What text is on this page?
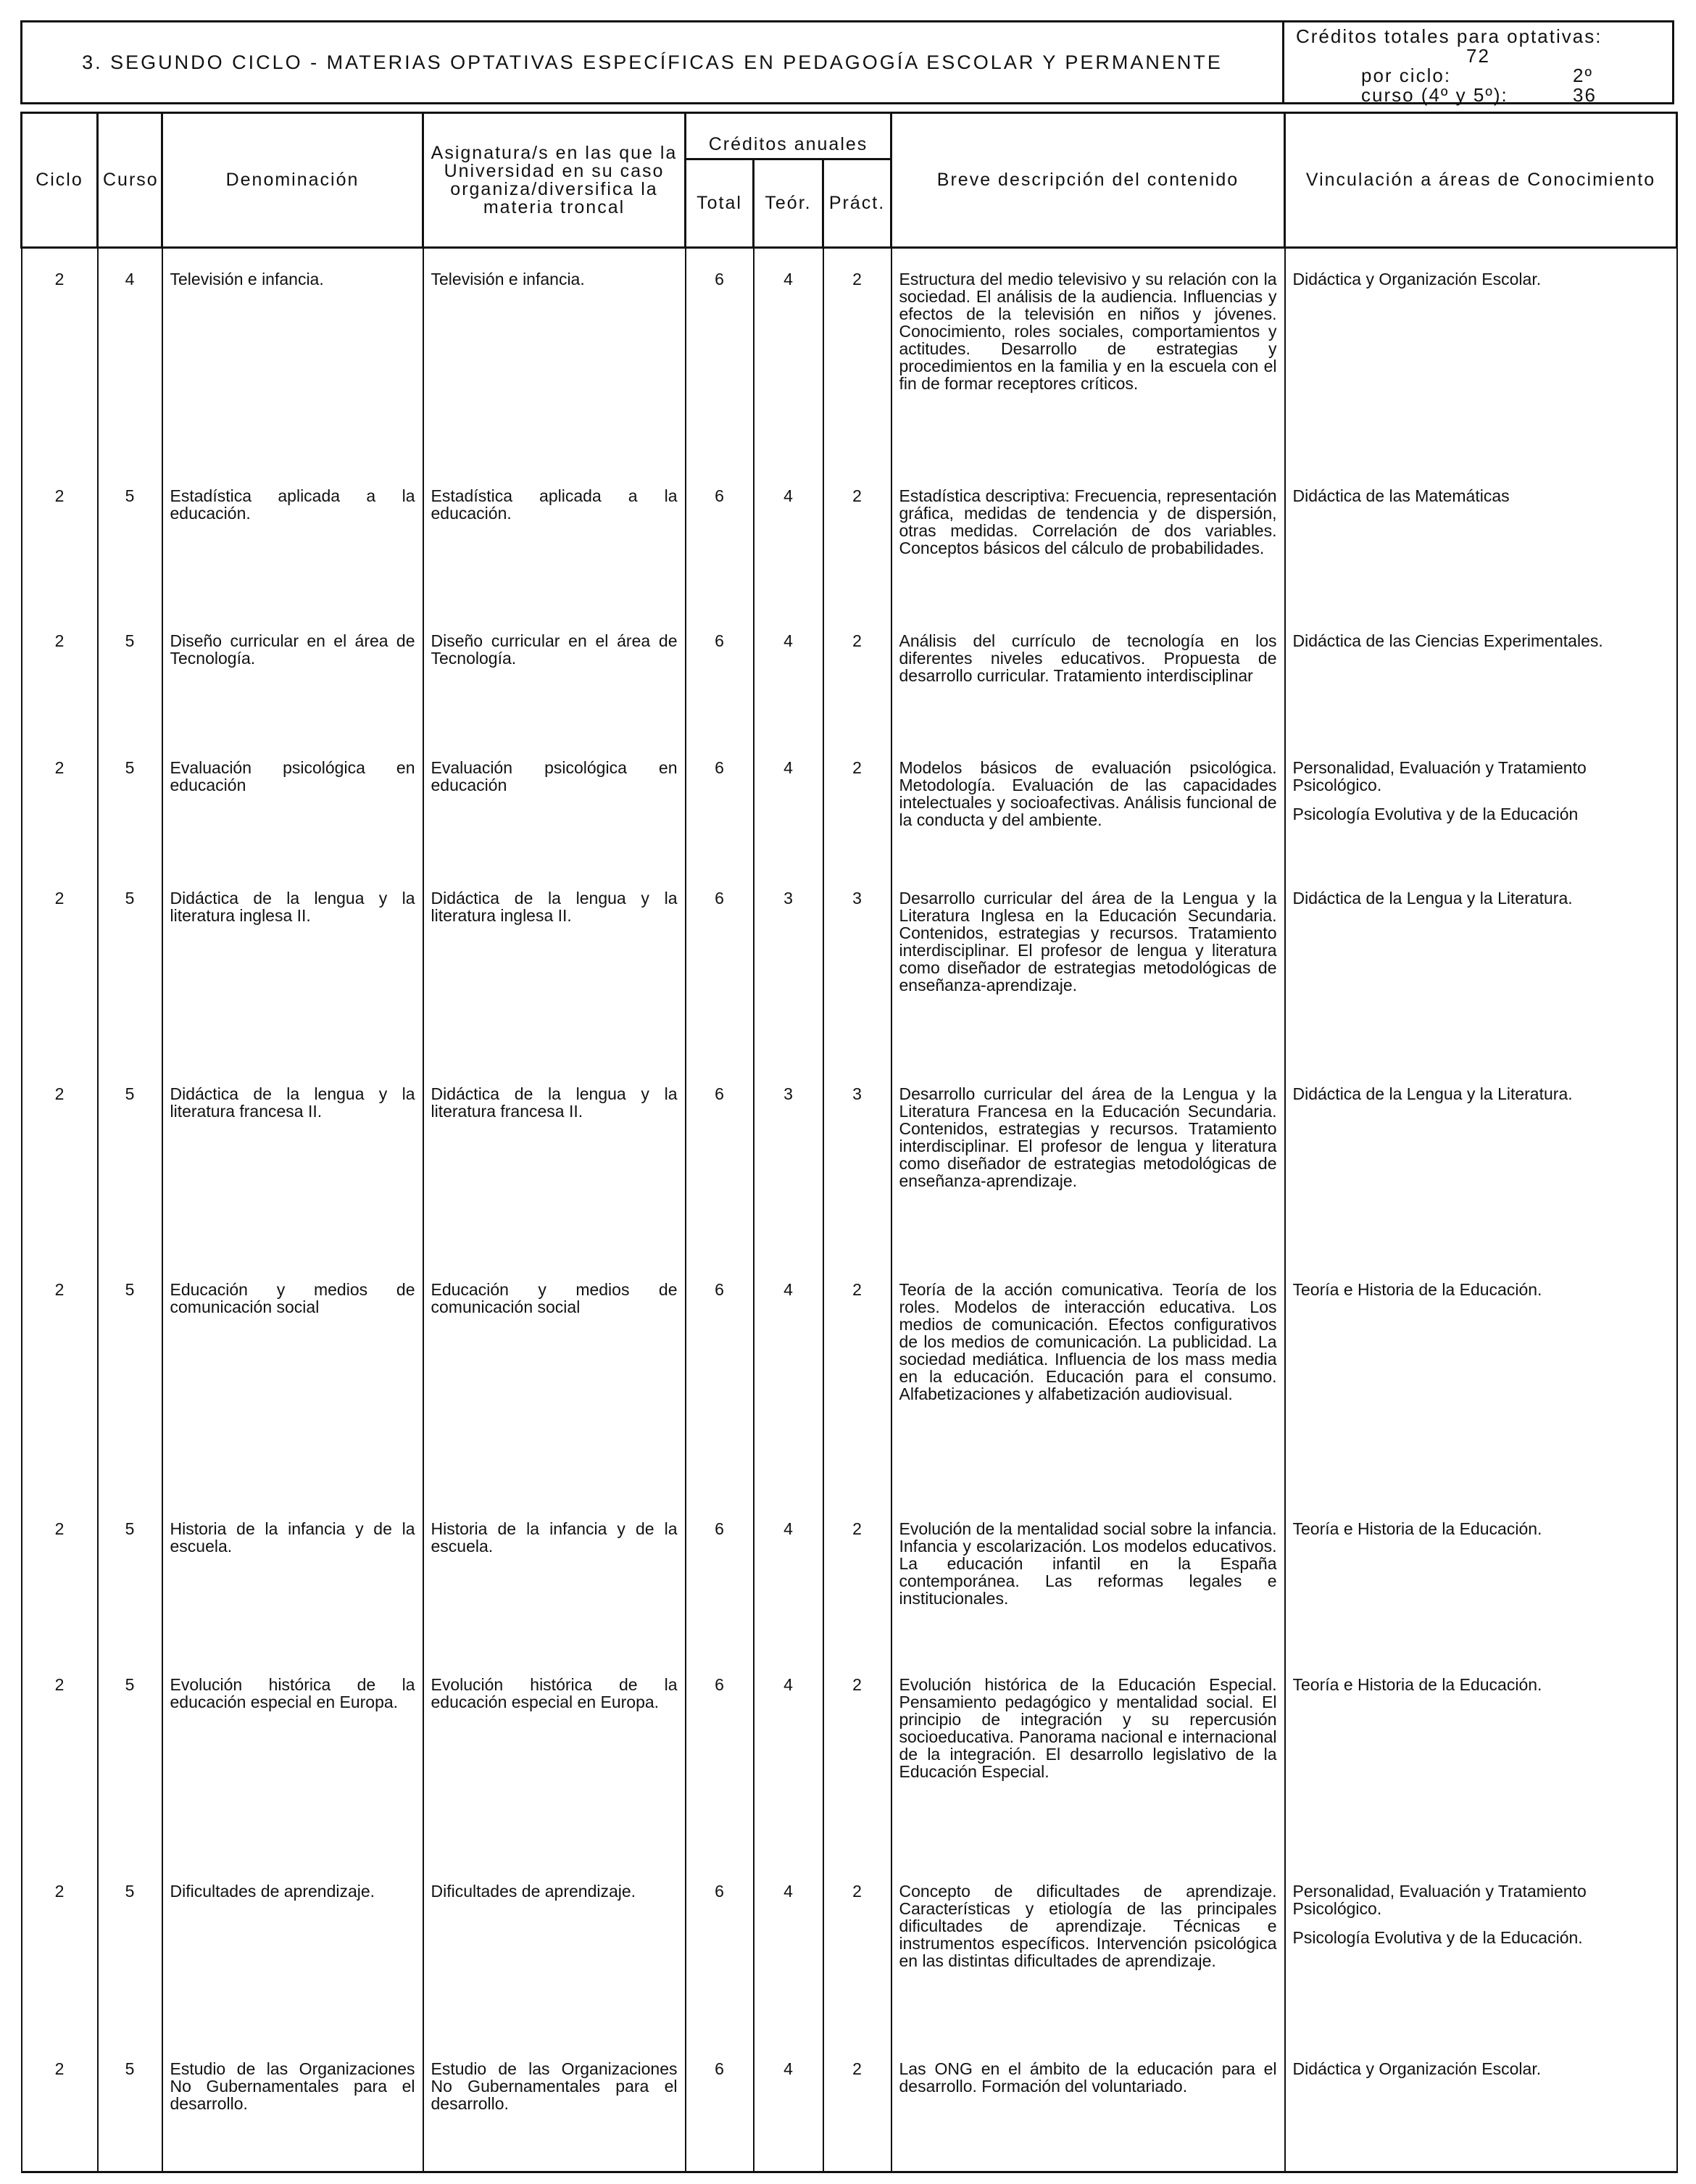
3. SEGUNDO CICLO - MATERIAS OPTATIVAS ESPECÍFICAS EN PEDAGOGÍA ESCOLAR Y PERMANENTE
Créditos totales para optativas:
72
por ciclo:	2º
curso (4º y 5º):	36
Ciclo	Curso	Denominación	Asignatura/s en las que la Universidad en su caso organiza/diversifica la materia troncal	Créditos anuales			Breve descripción del contenido	Vinculación a áreas de Conocimiento
				Total	Teór.	Práct.		
2	4	Televisión e infancia.	Televisión e infancia.	6	4	2	Estructura del medio televisivo y su relación con la sociedad. El análisis de la audiencia. Influencias y efectos de la televisión en niños y jóvenes. Conocimiento, roles sociales, comportamientos y actitudes. Desarrollo de estrategias y procedimientos en la familia y en la escuela con el fin de formar receptores críticos.	Didáctica y Organización Escolar.

2	5	Estadística aplicada a la educación.	Estadística aplicada a la educación.	6	4	2	Estadística descriptiva: Frecuencia, representación gráfica, medidas de tendencia y de dispersión, otras medidas. Correlación de dos variables. Conceptos básicos del cálculo de probabilidades.	Didáctica de las Matemáticas

2	5	Diseño curricular en el área de Tecnología.	Diseño curricular en el área de Tecnología.	6	4	2	Análisis del currículo de tecnología en los diferentes niveles educativos. Propuesta de desarrollo curricular. Tratamiento interdisciplinar	Didáctica de las Ciencias Experimentales.

2	5	Evaluación psicológica en educación	Evaluación psicológica en educación	6	4	2	Modelos básicos de evaluación psicológica. Metodología. Evaluación de las capacidades intelectuales y socioafectivas. Análisis funcional de la conducta y del ambiente.	Personalidad, Evaluación y Tratamiento Psicológico.
Psicología Evolutiva y de la Educación

2	5	Didáctica de la lengua y la literatura inglesa II.	Didáctica de la lengua y la literatura inglesa II.	6	3	3	Desarrollo curricular del área de la Lengua y la Literatura Inglesa en la Educación Secundaria. Contenidos, estrategias y recursos. Tratamiento interdisciplinar. El profesor de lengua y literatura como diseñador de estrategias metodológicas de enseñanza-aprendizaje.	Didáctica de la Lengua y la Literatura.

2	5	Didáctica de la lengua y la literatura francesa II.	Didáctica de la lengua y la literatura francesa II.	6	3	3	Desarrollo curricular del área de la Lengua y la Literatura Francesa en la Educación Secundaria. Contenidos, estrategias y recursos. Tratamiento interdisciplinar. El profesor de lengua y literatura como diseñador de estrategias metodológicas de enseñanza-aprendizaje.	Didáctica de la Lengua y la Literatura.

2	5	Educación y medios de comunicación social	Educación y medios de comunicación social	6	4	2	Teoría de la acción comunicativa. Teoría de los roles. Modelos de interacción educativa. Los medios de comunicación. Efectos configurativos de los medios de comunicación. La publicidad. La sociedad mediática. Influencia de los mass media en la educación. Educación para el consumo. Alfabetizaciones y alfabetización audiovisual.	Teoría e Historia de la Educación.

2	5	Historia de la infancia y de la escuela.	Historia de la infancia y de la escuela.	6	4	2	Evolución de la mentalidad social sobre la infancia. Infancia y escolarización. Los modelos educativos. La educación infantil en la España contemporánea. Las reformas legales e institucionales.	Teoría e Historia de la Educación.

2	5	Evolución histórica de la educación especial en Europa.	Evolución histórica de la educación especial en Europa.	6	4	2	Evolución histórica de la Educación Especial. Pensamiento pedagógico y mentalidad social. El principio de integración y su repercusión socioeducativa. Panorama nacional e internacional de la integración. El desarrollo legislativo de la Educación Especial.	Teoría e Historia de la Educación.

2	5	Dificultades de aprendizaje.	Dificultades de aprendizaje.	6	4	2	Concepto de dificultades de aprendizaje. Características y etiología de las principales dificultades de aprendizaje. Técnicas e instrumentos específicos. Intervención psicológica en las distintas dificultades de aprendizaje.	Personalidad, Evaluación y Tratamiento Psicológico.
Psicología Evolutiva y de la Educación.

2	5	Estudio de las Organizaciones No Gubernamentales para el desarrollo.	Estudio de las Organizaciones No Gubernamentales para el desarrollo.	6	4	2	Las ONG en el ámbito de la educación para el desarrollo. Formación del voluntariado.	Didáctica y Organización Escolar.
